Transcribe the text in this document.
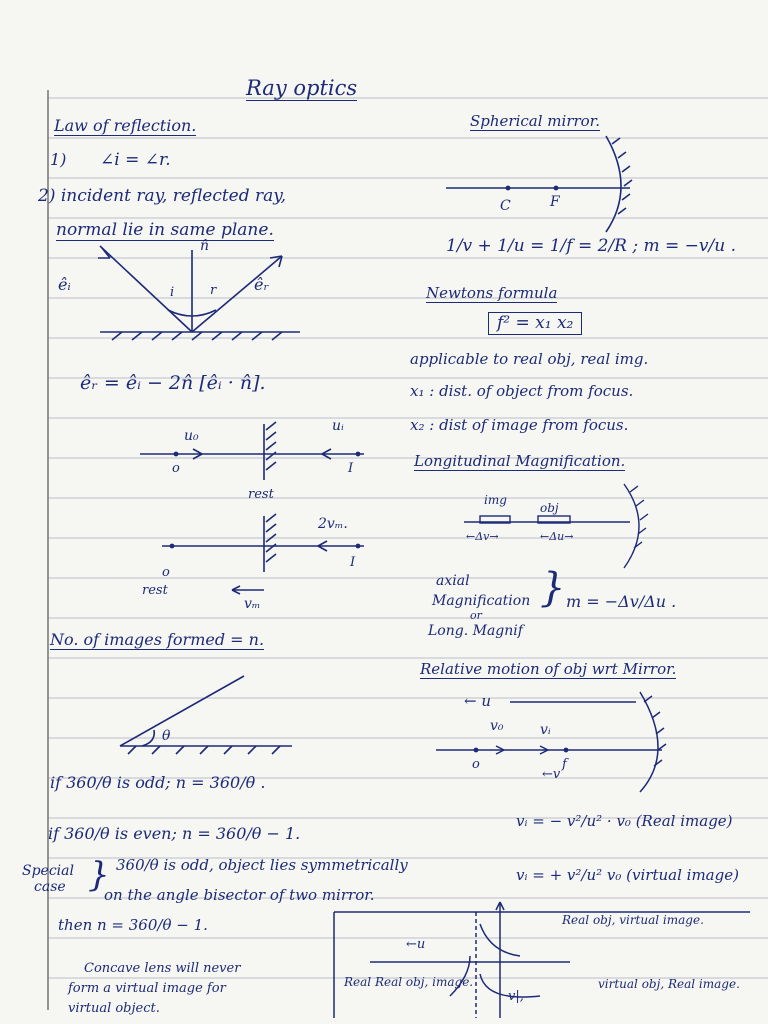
Ray optics
Law of reflection.
1) ∠i = ∠r.
2) incident ray, reflected ray,
normal lie in same plane.
n̂
êᵢ	i	r êᵣ
êᵣ = êᵢ − 2n̂ [êᵢ · n̂].
u₀
uᵢ
o	I
rest
2vₘ.
o
I
rest
vₘ
No. of images formed = n.
θ
if 360/θ is odd; n = 360/θ .
if 360/θ is even; n = 360/θ − 1.
Special
case } 360/θ is odd, object lies symmetrically
on the angle bisector of two mirror.
then n = 360/θ − 1.
Concave lens will never
form a virtual image for
virtual object.
Spherical mirror.
C	F
1/v + 1/u = 1/f = 2/R ; m = −v/u .
Newtons formula
f² = x₁ x₂
applicable to real obj, real img.
x₁ : dist. of object from focus.
x₂ : dist of image from focus.
Longitudinal Magnification.
img
obj
←Δv→	←Δu→
axial
Magnification
or
Long. Magnif
} m = −Δv/Δu .
Relative motion of obj wrt Mirror.
← u
v₀	vᵢ
o	f
←v
vᵢ = − v²/u² · v₀ (Real image)
vᵢ = + v²/u² v₀ (virtual image)
Real obj, virtual image.
←u
Real Real obj, image.
v|,
virtual obj, Real image.
